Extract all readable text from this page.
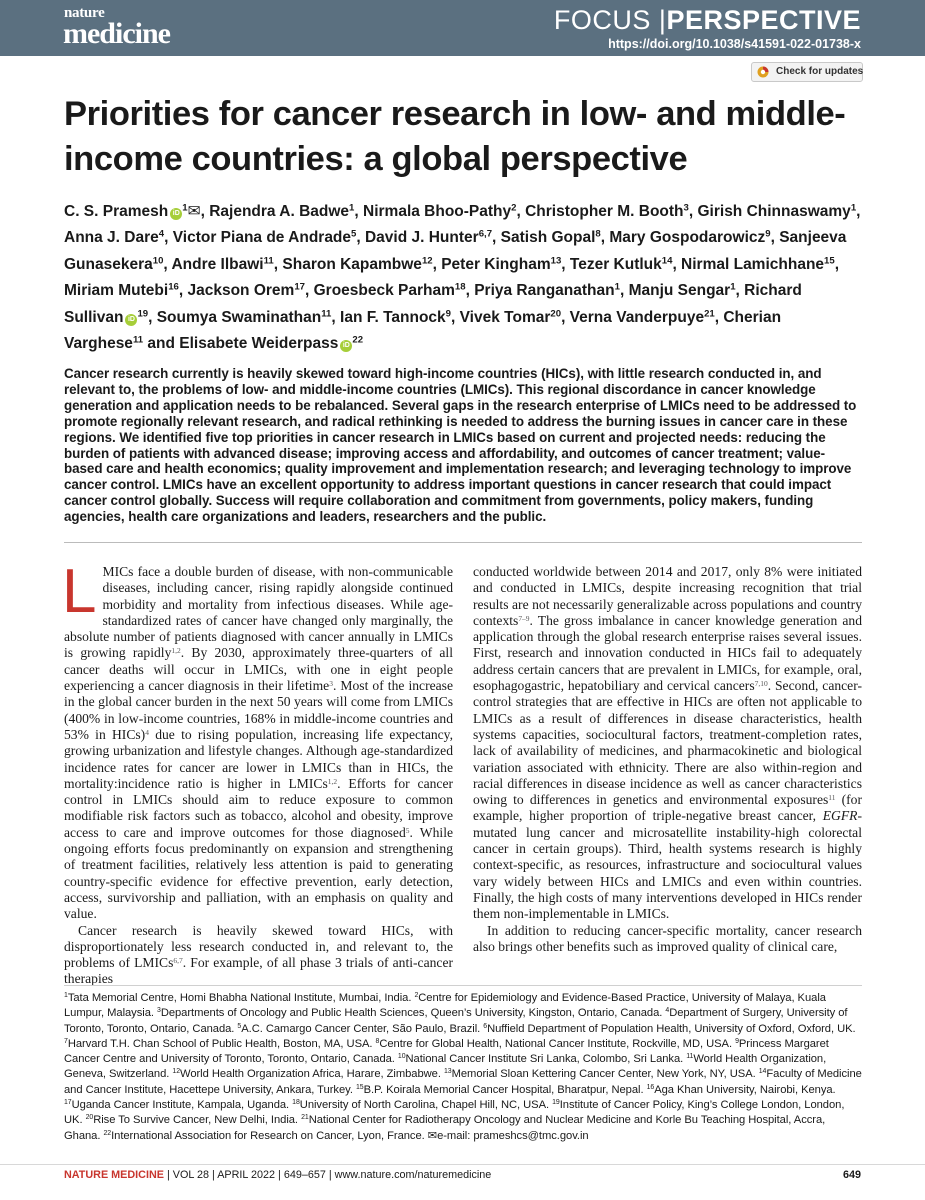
nature
medicine	FOCUS |PERSPECTIVE
https://doi.org/10.1038/s41591-022-01738-x
Check for updates
Priorities for cancer research in low- and middle-income countries: a global perspective

C. S. Pramesh iD $^1$✉, Rajendra A. Badwe$^1$, Nirmala Bhoo-Pathy$^2$, Christopher M. Booth$^3$, Girish Chinnaswamy$^1$, Anna J. Dare$^4$, Victor Piana de Andrade$^5$, David J. Hunter$^{6,7}$, Satish Gopal$^8$, Mary Gospodarowicz$^9$, Sanjeeva Gunasekera$^{10}$, Andre Ilbawi$^{11}$, Sharon Kapambwe$^{12}$, Peter Kingham$^{13}$, Tezer Kutluk$^{14}$, Nirmal Lamichhane$^{15}$, Miriam Mutebi$^{16}$, Jackson Orem$^{17}$, Groesbeck Parham$^{18}$, Priya Ranganathan$^1$, Manju Sengar$^1$, Richard Sullivan iD $^{19}$, Soumya Swaminathan$^{11}$, Ian F. Tannock$^9$, Vivek Tomar$^{20}$, Verna Vanderpuye$^{21}$, Cherian Varghese$^{11}$ and Elisabete Weiderpass iD $^{22}$

Cancer research currently is heavily skewed toward high-income countries (HICs), with little research conducted in, and relevant to, the problems of low- and middle-income countries (LMICs). This regional discordance in cancer knowledge generation and application needs to be rebalanced. Several gaps in the research enterprise of LMICs need to be addressed to promote regionally relevant research, and radical rethinking is needed to address the burning issues in cancer care in these regions. We identified five top priorities in cancer research in LMICs based on current and projected needs: reducing the burden of patients with advanced disease; improving access and affordability, and outcomes of cancer treatment; value-based care and health economics; quality improvement and implementation research; and leveraging technology to improve cancer control. LMICs have an excellent opportunity to address important questions in cancer research that could impact cancer control globally. Success will require collaboration and commitment from governments, policy makers, funding agencies, health care organizations and leaders, researchers and the public.

L MICs face a double burden of disease, with non-communicable diseases, including cancer, rising rapidly alongside continued morbidity and mortality from infectious diseases. While age-standardized rates of cancer have changed only marginally, the absolute number of patients diagnosed with cancer annually in LMICs is growing rapidly$^{1,2}$. By 2030, approximately three-quarters of all cancer deaths will occur in LMICs, with one in eight people experiencing a cancer diagnosis in their lifetime$^3$. Most of the increase in the global cancer burden in the next 50 years will come from LMICs (400% in low-income countries, 168% in middle-income countries and 53% in HICs)$^4$ due to rising population, increasing life expectancy, growing urbanization and lifestyle changes. Although age-standardized incidence rates for cancer are lower in LMICs than in HICs, the mortality:incidence ratio is higher in LMICs$^{1,2}$. Efforts for cancer control in LMICs should aim to reduce exposure to common modifiable risk factors such as tobacco, alcohol and obesity, improve access to care and improve outcomes for those diagnosed$^5$. While ongoing efforts focus predominantly on expansion and strengthening of treatment facilities, relatively less attention is paid to generating country-specific evidence for effective prevention, early detection, access, survivorship and palliation, with an emphasis on quality and value.

Cancer research is heavily skewed toward HICs, with disproportionately less research conducted in, and relevant to, the problems of LMICs$^{6,7}$. For example, of all phase 3 trials of anti-cancer therapies

conducted worldwide between 2014 and 2017, only 8% were initiated and conducted in LMICs, despite increasing recognition that trial results are not necessarily generalizable across populations and country contexts$^{7-9}$. The gross imbalance in cancer knowledge generation and application through the global research enterprise raises several issues. First, research and innovation conducted in HICs fail to adequately address certain cancers that are prevalent in LMICs, for example, oral, esophagogastric, hepatobiliary and cervical cancers$^{7,10}$. Second, cancer-control strategies that are effective in HICs are often not applicable to LMICs as a result of differences in disease characteristics, health systems capacities, sociocultural factors, treatment-completion rates, lack of availability of medicines, and pharmacokinetic and biological variation associated with ethnicity. There are also within-region and racial differences in disease incidence as well as cancer characteristics owing to differences in genetics and environmental exposures$^{11}$ (for example, higher proportion of triple-negative breast cancer, EGFR-mutated lung cancer and microsatellite instability-high colorectal cancer in certain groups). Third, health systems research is highly context-specific, as resources, infrastructure and sociocultural values vary widely between HICs and LMICs and even within countries. Finally, the high costs of many interventions developed in HICs render them non-implementable in LMICs.

In addition to reducing cancer-specific mortality, cancer research also brings other benefits such as improved quality of clinical care,

$^1$Tata Memorial Centre, Homi Bhabha National Institute, Mumbai, India. $^2$Centre for Epidemiology and Evidence-Based Practice, University of Malaya, Kuala Lumpur, Malaysia. $^3$Departments of Oncology and Public Health Sciences, Queen’s University, Kingston, Ontario, Canada. $^4$Department of Surgery, University of Toronto, Toronto, Ontario, Canada. $^5$A.C. Camargo Cancer Center, São Paulo, Brazil. $^6$Nuffield Department of Population Health, University of Oxford, Oxford, UK. $^7$Harvard T.H. Chan School of Public Health, Boston, MA, USA. $^8$Centre for Global Health, National Cancer Institute, Rockville, MD, USA. $^9$Princess Margaret Cancer Centre and University of Toronto, Toronto, Ontario, Canada. $^{10}$National Cancer Institute Sri Lanka, Colombo, Sri Lanka. $^{11}$World Health Organization, Geneva, Switzerland. $^{12}$World Health Organization Africa, Harare, Zimbabwe. $^{13}$Memorial Sloan Kettering Cancer Center, New York, NY, USA. $^{14}$Faculty of Medicine and Cancer Institute, Hacettepe University, Ankara, Turkey. $^{15}$B.P. Koirala Memorial Cancer Hospital, Bharatpur, Nepal. $^{16}$Aga Khan University, Nairobi, Kenya. $^{17}$Uganda Cancer Institute, Kampala, Uganda. $^{18}$University of North Carolina, Chapel Hill, NC, USA. $^{19}$Institute of Cancer Policy, King’s College London, London, UK. $^{20}$Rise To Survive Cancer, New Delhi, India. $^{21}$National Center for Radiotherapy Oncology and Nuclear Medicine and Korle Bu Teaching Hospital, Accra, Ghana. $^{22}$International Association for Research on Cancer, Lyon, France. ✉e-mail: prameshcs@tmc.gov.in

NATURE MEDICINE | VOL 28 | APRIL 2022 | 649–657 | www.nature.com/naturemedicine	649
